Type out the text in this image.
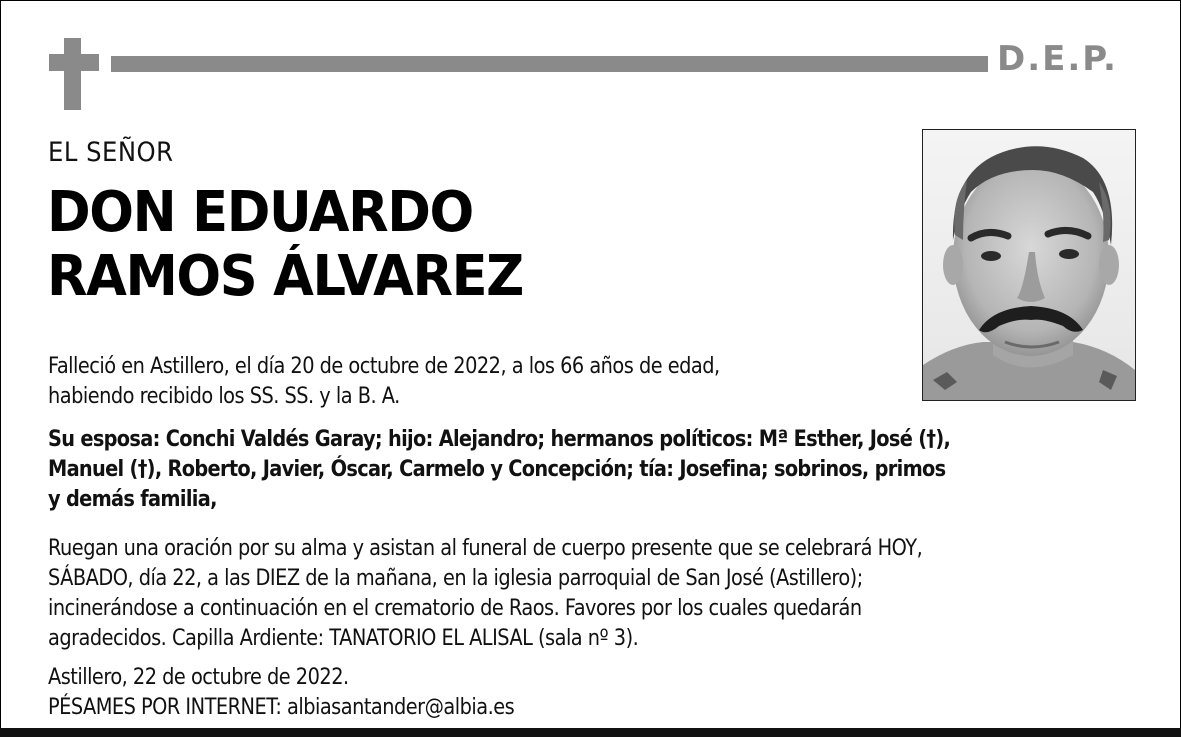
D.E.P.
EL SEÑOR
DON EDUARDO
RAMOS ÁLVAREZ
Falleció en Astillero, el día 20 de octubre de 2022, a los 66 años de edad,
habiendo recibido los SS. SS. y la B. A.
Su esposa: Conchi Valdés Garay; hijo: Alejandro; hermanos políticos: Mª Esther, José (†),
Manuel (†), Roberto, Javier, Óscar, Carmelo y Concepción; tía: Josefina; sobrinos, primos
y demás familia,
Ruegan una oración por su alma y asistan al funeral de cuerpo presente que se celebrará HOY,
SÁBADO, día 22, a las DIEZ de la mañana, en la iglesia parroquial de San José (Astillero);
incinerándose a continuación en el crematorio de Raos. Favores por los cuales quedarán
agradecidos. Capilla Ardiente: TANATORIO EL ALISAL (sala nº 3).
Astillero, 22 de octubre de 2022.
PÉSAMES POR INTERNET: albiasantander@albia.es
